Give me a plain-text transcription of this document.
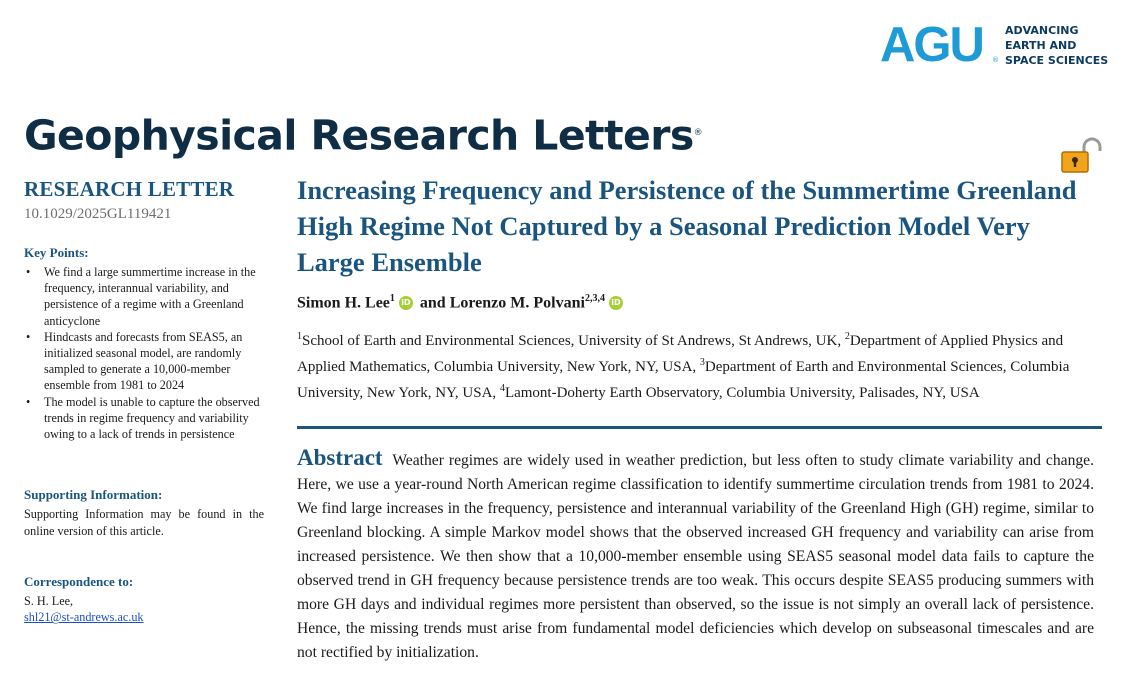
AGU ®
ADVANCING
EARTH AND
SPACE SCIENCES
Geophysical Research Letters®
RESEARCH LETTER
10.1029/2025GL119421
Key Points:
• We find a large summertime increase in the frequency, interannual variability, and persistence of a regime with a Greenland anticyclone
• Hindcasts and forecasts from SEAS5, an initialized seasonal model, are randomly sampled to generate a 10,000-member ensemble from 1981 to 2024
• The model is unable to capture the observed trends in regime frequency and variability owing to a lack of trends in persistence
Supporting Information:
Supporting Information may be found in the online version of this article.
Correspondence to:
S. H. Lee,
shl21@st-andrews.ac.uk
Increasing Frequency and Persistence of the Summertime Greenland High Regime Not Captured by a Seasonal Prediction Model Very Large Ensemble
Simon H. Lee$^1$ iD and Lorenzo M. Polvani$^{2,3,4}$ iD
$^1$School of Earth and Environmental Sciences, University of St Andrews, St Andrews, UK, $^2$Department of Applied Physics and Applied Mathematics, Columbia University, New York, NY, USA, $^3$Department of Earth and Environmental Sciences, Columbia University, New York, NY, USA, $^4$Lamont-Doherty Earth Observatory, Columbia University, Palisades, NY, USA
Abstract Weather regimes are widely used in weather prediction, but less often to study climate variability and change. Here, we use a year-round North American regime classification to identify summertime circulation trends from 1981 to 2024. We find large increases in the frequency, persistence and interannual variability of the Greenland High (GH) regime, similar to Greenland blocking. A simple Markov model shows that the observed increased GH frequency and variability can arise from increased persistence. We then show that a 10,000-member ensemble using SEAS5 seasonal model data fails to capture the observed trend in GH frequency because persistence trends are too weak. This occurs despite SEAS5 producing summers with more GH days and individual regimes more persistent than observed, so the issue is not simply an overall lack of persistence. Hence, the missing trends must arise from fundamental model deficiencies which develop on subseasonal timescales and are not rectified by initialization.
